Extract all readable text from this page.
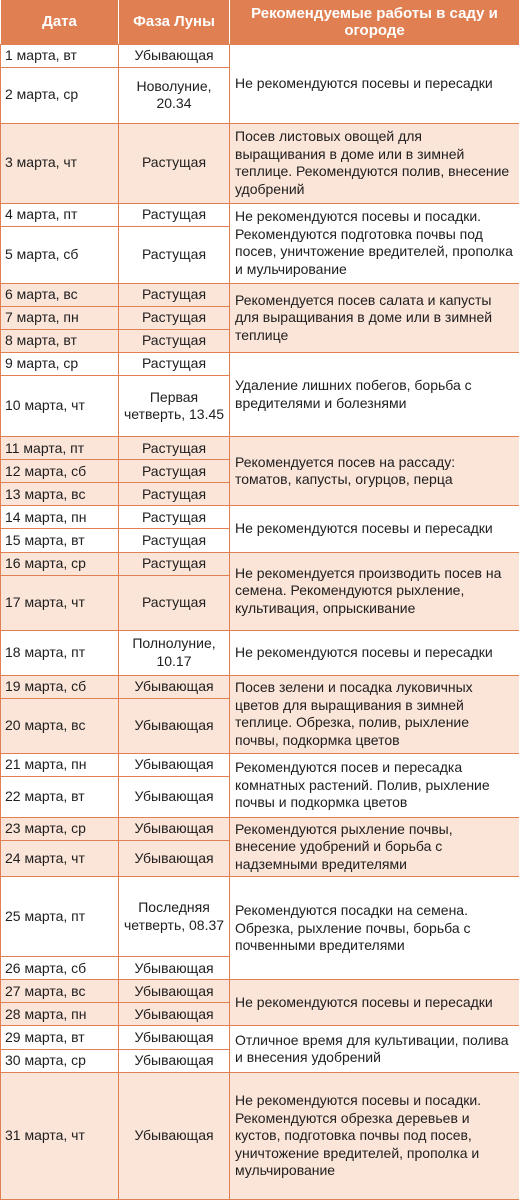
Дата	Фаза Луны	Рекомендуемые работы в саду и огороде
1 марта, вт	Убывающая	Не рекомендуются посевы и пересадки
2 марта, ср	Новолуние, 20.34	
3 марта, чт	Растущая	Посев листовых овощей для выращивания в доме или в зимней теплице. Рекомендуются полив, внесение удобрений
4 марта, пт	Растущая	Не рекомендуются посевы и посадки. Рекомендуются подготовка почвы под посев, уничтожение вредителей, прополка и мульчирование
5 марта, сб	Растущая	
6 марта, вс	Растущая	Рекомендуется посев салата и капусты для выращивания в доме или в зимней теплице
7 марта, пн	Растущая	
8 марта, вт	Растущая	
9 марта, ср	Растущая	Удаление лишних побегов, борьба с вредителями и болезнями
10 марта, чт	Первая четверть, 13.45	
11 марта, пт	Растущая	Рекомендуется посев на рассаду: томатов, капусты, огурцов, перца
12 марта, сб	Растущая	
13 марта, вс	Растущая	
14 марта, пн	Растущая	Не рекомендуются посевы и пересадки
15 марта, вт	Растущая	
16 марта, ср	Растущая	Не рекомендуется производить посев на семена. Рекомендуются рыхление, культивация, опрыскивание
17 марта, чт	Растущая	
18 марта, пт	Полнолуние, 10.17	Не рекомендуются посевы и пересадки
19 марта, сб	Убывающая	Посев зелени и посадка луковичных цветов для выращивания в зимней теплице. Обрезка, полив, рыхление почвы, подкормка цветов
20 марта, вс	Убывающая	
21 марта, пн	Убывающая	Рекомендуются посев и пересадка комнатных растений. Полив, рыхление почвы и подкормка цветов
22 марта, вт	Убывающая	
23 марта, ср	Убывающая	Рекомендуются рыхление почвы, внесение удобрений и борьба с надземными вредителями
24 марта, чт	Убывающая	
25 марта, пт	Последняя четверть, 08.37	Рекомендуются посадки на семена. Обрезка, рыхление почвы, борьба с почвенными вредителями
26 марта, сб	Убывающая	
27 марта, вс	Убывающая	Не рекомендуются посевы и пересадки
28 марта, пн	Убывающая	
29 марта, вт	Убывающая	Отличное время для культивации, полива и внесения удобрений
30 марта, ср	Убывающая	
31 марта, чт	Убывающая	Не рекомендуются посевы и посадки. Рекомендуются обрезка деревьев и кустов, подготовка почвы под посев, уничтожение вредителей, прополка и мульчирование
